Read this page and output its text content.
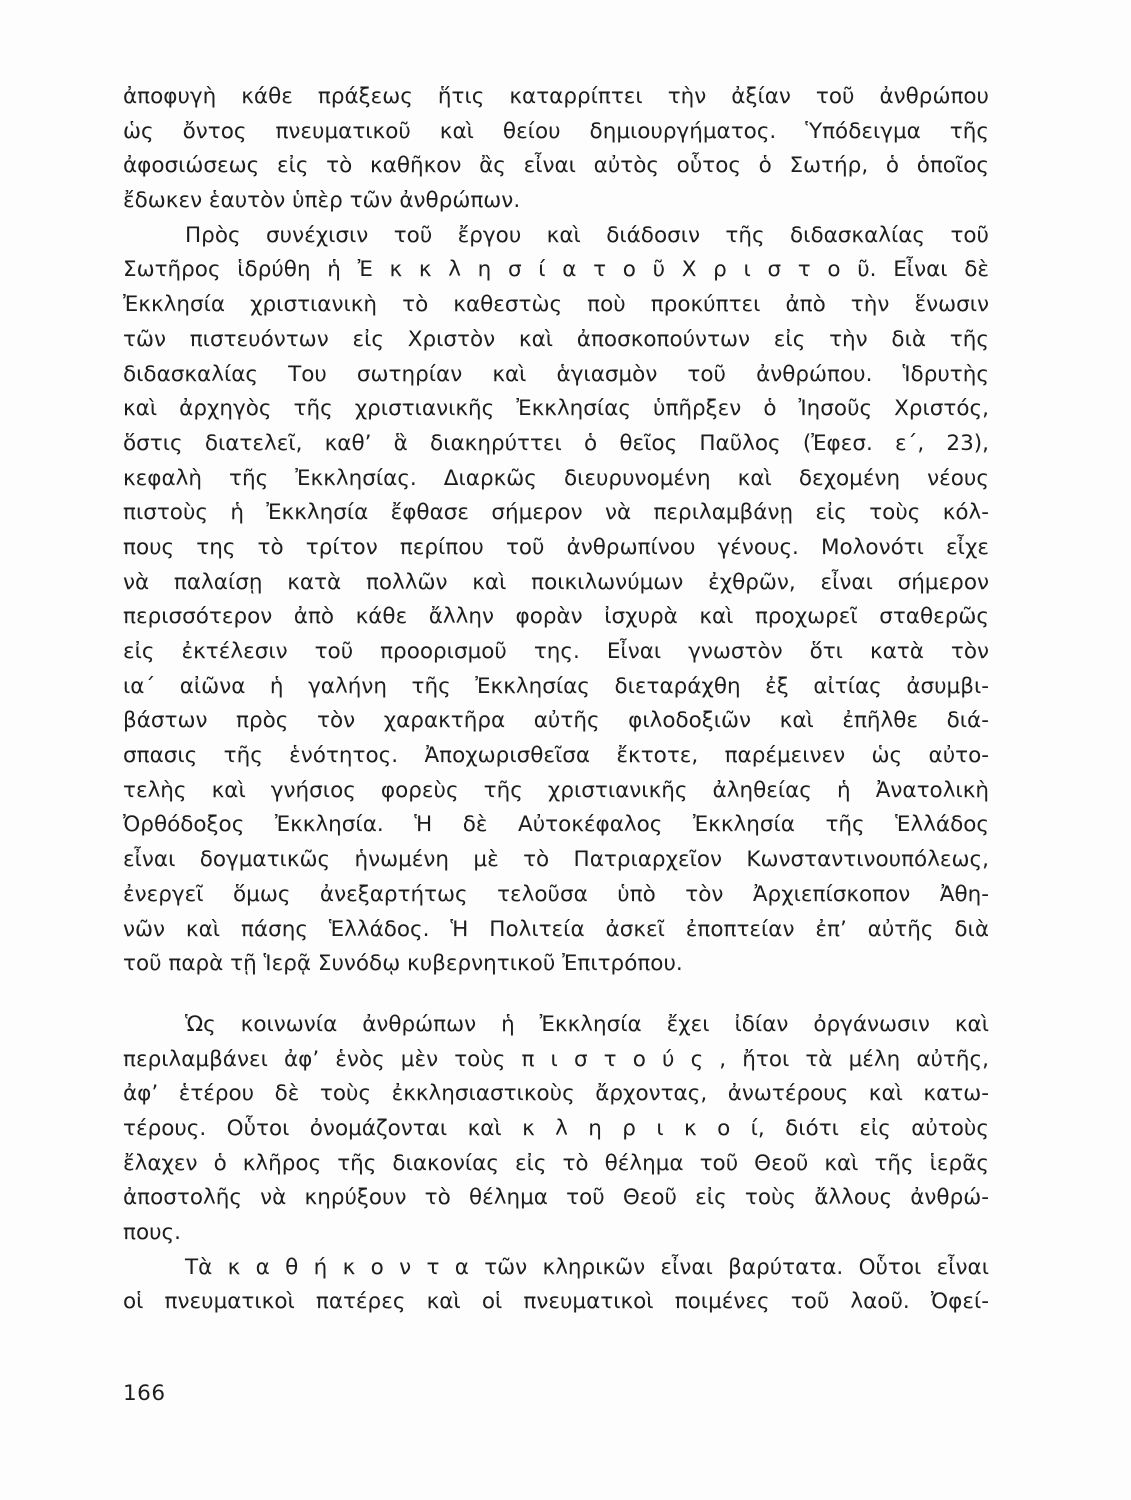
ἀποφυγὴ κάθε πράξεως ἥτις καταρρίπτει τὴν ἀξίαν τοῦ ἀνθρώπου
ὡς ὄντος πνευματικοῦ καὶ θείου δημιουργήματος. Ὑπόδειγμα τῆς
ἀφοσιώσεως εἰς τὸ καθῆκον ἂς εἶναι αὐτὸς οὗτος ὁ Σωτήρ, ὁ ὁποῖος
ἔδωκεν ἑαυτὸν ὑπὲρ τῶν ἀνθρώπων.
Πρὸς συνέχισιν τοῦ ἔργου καὶ διάδοσιν τῆς διδασκαλίας τοῦ
Σωτῆρος ἱδρύθη ἡ Ἐ κ κ λ η σ ί α τ ο ῦ Χ ρ ι σ τ ο ῦ. Εἶναι δὲ
Ἐκκλησία χριστιανικὴ τὸ καθεστὼς ποὺ προκύπτει ἀπὸ τὴν ἕνωσιν
τῶν πιστευόντων εἰς Χριστὸν καὶ ἀποσκοπούντων εἰς τὴν διὰ τῆς
διδασκαλίας Του σωτηρίαν καὶ ἁγιασμὸν τοῦ ἀνθρώπου. Ἱδρυτὴς
καὶ ἀρχηγὸς τῆς χριστιανικῆς Ἐκκλησίας ὑπῆρξεν ὁ Ἰησοῦς Χριστός,
ὅστις διατελεῖ, καθ’ ἃ διακηρύττει ὁ θεῖος Παῦλος (Ἐφεσ. ε΄, 23),
κεφαλὴ τῆς Ἐκκλησίας. Διαρκῶς διευρυνομένη καὶ δεχομένη νέους
πιστοὺς ἡ Ἐκκλησία ἔφθασε σήμερον νὰ περιλαμβάνῃ εἰς τοὺς κόλ-
πους της τὸ τρίτον περίπου τοῦ ἀνθρωπίνου γένους. Μολονότι εἶχε
νὰ παλαίσῃ κατὰ πολλῶν καὶ ποικιλωνύμων ἐχθρῶν, εἶναι σήμερον
περισσότερον ἀπὸ κάθε ἄλλην φορὰν ἰσχυρὰ καὶ προχωρεῖ σταθερῶς
εἰς ἐκτέλεσιν τοῦ προορισμοῦ της. Εἶναι γνωστὸν ὅτι κατὰ τὸν
ια΄ αἰῶνα ἡ γαλήνη τῆς Ἐκκλησίας διεταράχθη ἐξ αἰτίας ἀσυμβι-
βάστων πρὸς τὸν χαρακτῆρα αὐτῆς φιλοδοξιῶν καὶ ἐπῆλθε διά-
σπασις τῆς ἑνότητος. Ἀποχωρισθεῖσα ἔκτοτε, παρέμεινεν ὡς αὐτο-
τελὴς καὶ γνήσιος φορεὺς τῆς χριστιανικῆς ἀληθείας ἡ Ἀνατολικὴ
Ὀρθόδοξος Ἐκκλησία. Ἡ δὲ Αὐτοκέφαλος Ἐκκλησία τῆς Ἑλλάδος
εἶναι δογματικῶς ἡνωμένη μὲ τὸ Πατριαρχεῖον Κωνσταντινουπόλεως,
ἐνεργεῖ ὅμως ἀνεξαρτήτως τελοῦσα ὑπὸ τὸν Ἀρχιεπίσκοπον Ἀθη-
νῶν καὶ πάσης Ἑλλάδος. Ἡ Πολιτεία ἀσκεῖ ἐποπτείαν ἐπ’ αὐτῆς διὰ
τοῦ παρὰ τῇ Ἱερᾷ Συνόδῳ κυβερνητικοῦ Ἐπιτρόπου.
Ὡς κοινωνία ἀνθρώπων ἡ Ἐκκλησία ἔχει ἰδίαν ὀργάνωσιν καὶ
περιλαμβάνει ἀφ’ ἑνὸς μὲν τοὺς π ι σ τ ο ύ ς , ἤτοι τὰ μέλη αὐτῆς,
ἀφ’ ἑτέρου δὲ τοὺς ἐκκλησιαστικοὺς ἄρχοντας, ἀνωτέρους καὶ κατω-
τέρους. Οὗτοι ὀνομάζονται καὶ κ λ η ρ ι κ ο ί, διότι εἰς αὐτοὺς
ἔλαχεν ὁ κλῆρος τῆς διακονίας εἰς τὸ θέλημα τοῦ Θεοῦ καὶ τῆς ἱερᾶς
ἀποστολῆς νὰ κηρύξουν τὸ θέλημα τοῦ Θεοῦ εἰς τοὺς ἄλλους ἀνθρώ-
πους.
Τὰ κ α θ ή κ ο ν τ α τῶν κληρικῶν εἶναι βαρύτατα. Οὗτοι εἶναι
οἱ πνευματικοὶ πατέρες καὶ οἱ πνευματικοὶ ποιμένες τοῦ λαοῦ. Ὀφεί-
166
